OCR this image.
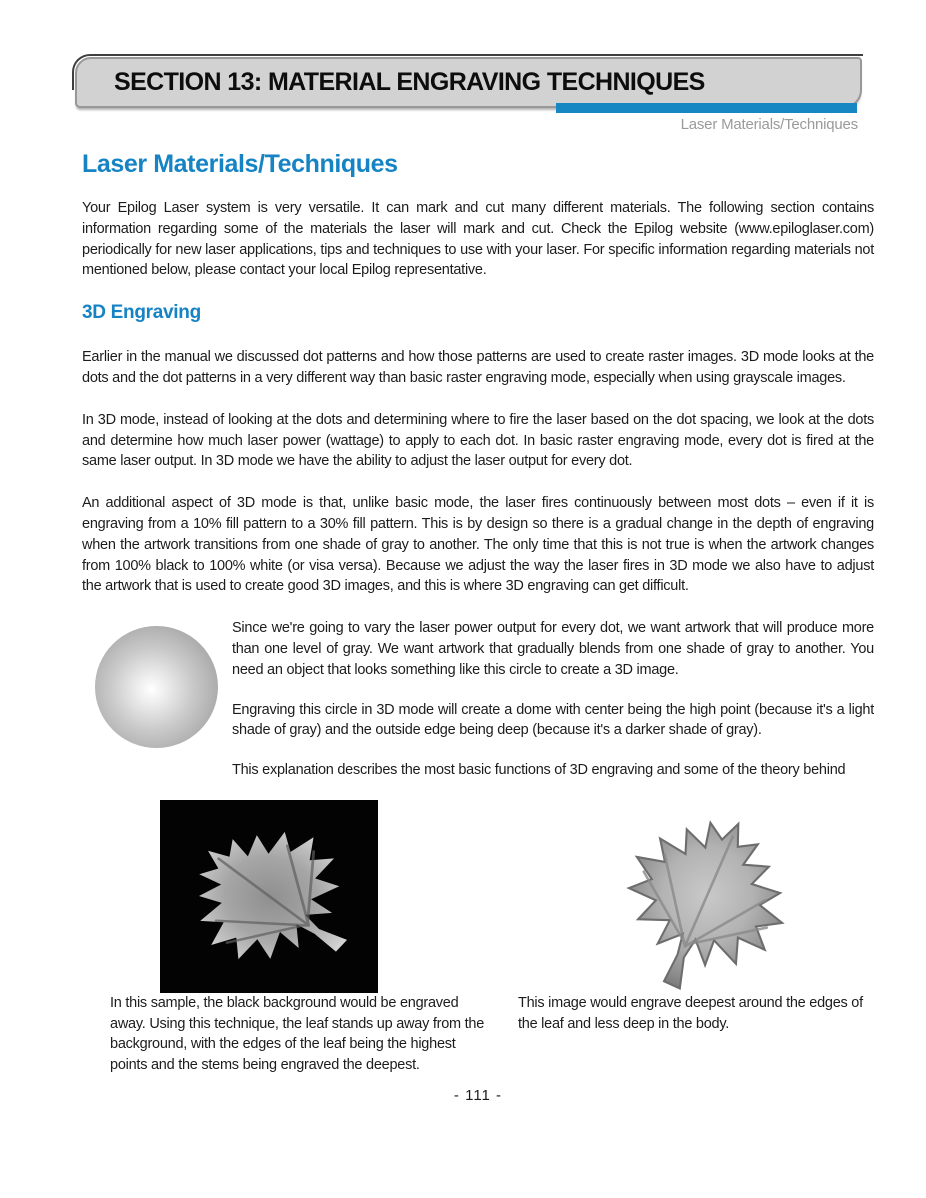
SECTION 13: MATERIAL ENGRAVING TECHNIQUES
Laser Materials/Techniques
Laser Materials/Techniques

Your Epilog Laser system is very versatile. It can mark and cut many different materials. The following section contains information regarding some of the materials the laser will mark and cut. Check the Epilog website (www.epiloglaser.com) periodically for new laser applications, tips and techniques to use with your laser. For specific information regarding materials not mentioned below, please contact your local Epilog representative.

3D Engraving

Earlier in the manual we discussed dot patterns and how those patterns are used to create raster images. 3D mode looks at the dots and the dot patterns in a very different way than basic raster engraving mode, especially when using grayscale images.

In 3D mode, instead of looking at the dots and determining where to fire the laser based on the dot spacing, we look at the dots and determine how much laser power (wattage) to apply to each dot. In basic raster engraving mode, every dot is fired at the same laser output. In 3D mode we have the ability to adjust the laser output for every dot.

An additional aspect of 3D mode is that, unlike basic mode, the laser fires continuously between most dots – even if it is engraving from a 10% fill pattern to a 30% fill pattern. This is by design so there is a gradual change in the depth of engraving when the artwork transitions from one shade of gray to another. The only time that this is not true is when the artwork changes from 100% black to 100% white (or visa versa). Because we adjust the way the laser fires in 3D mode we also have to adjust the artwork that is used to create good 3D images, and this is where 3D engraving can get difficult.

Since we're going to vary the laser power output for every dot, we want artwork that will produce more than one level of gray. We want artwork that gradually blends from one shade of gray to another. You need an object that looks something like this circle to create a 3D image.

Engraving this circle in 3D mode will create a dome with center being the high point (because it's a light shade of gray) and the outside edge being deep (because it's a darker shade of gray).

This explanation describes the most basic functions of 3D engraving and some of the theory behind

In this sample, the black background would be engraved away. Using this technique, the leaf stands up away from the background, with the edges of the leaf being the highest points and the stems being engraved the deepest.
This image would engrave deepest around the edges of the leaf and less deep in the body.
- 111 -
